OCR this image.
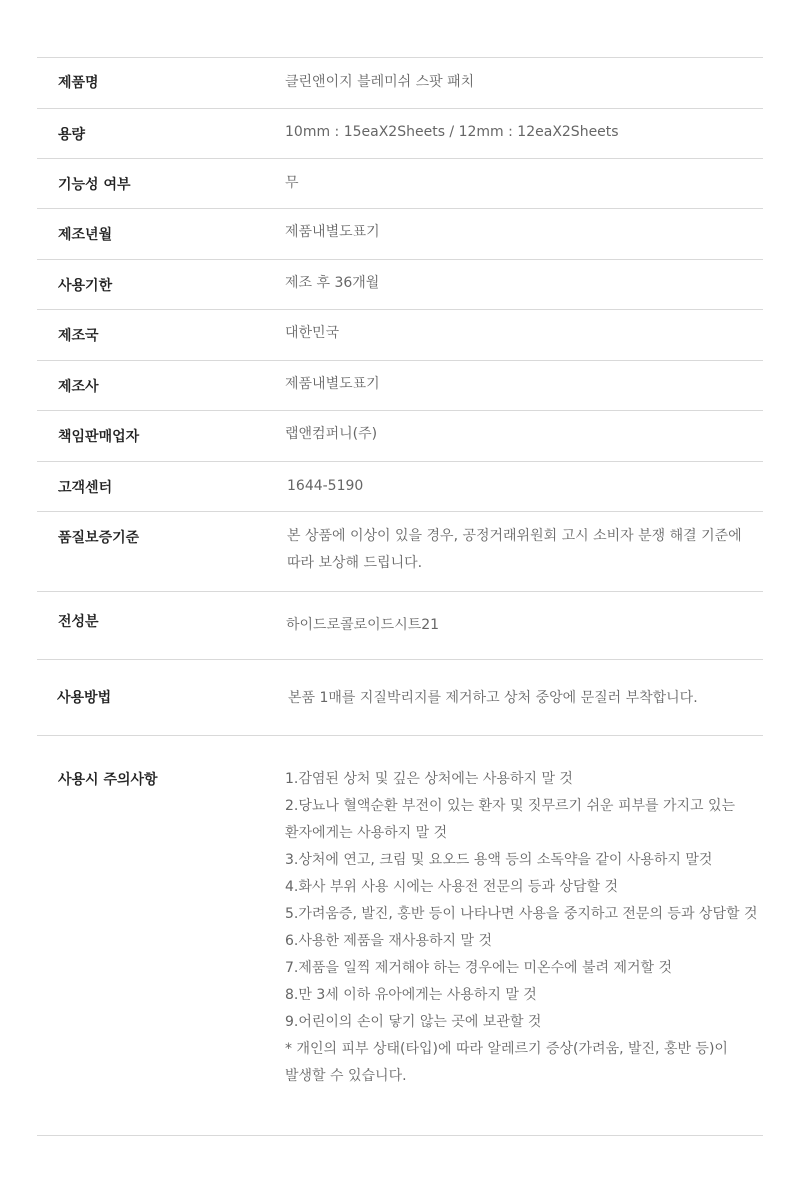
제품명	클린앤이지 블레미쉬 스팟 패치
용량	10mm : 15eaX2Sheets / 12mm : 12eaX2Sheets
기능성 여부	무
제조년월	제품내별도표기
사용기한	제조 후 36개월
제조국	대한민국
제조사	제품내별도표기
책임판매업자	랩앤컴퍼니(주)
고객센터	1644-5190
품질보증기준	본 상품에 이상이 있을 경우, 공정거래위원회 고시 소비자 분쟁 해결 기준에
따라 보상해 드립니다.
전성분	하이드로콜로이드시트21
사용방법	본품 1매를 지질박리지를 제거하고 상처 중앙에 문질러 부착합니다.
사용시 주의사항	1.감염된 상처 및 깊은 상처에는 사용하지 말 것
2.당뇨나 혈액순환 부전이 있는 환자 및 짓무르기 쉬운 피부를 가지고 있는
환자에게는 사용하지 말 것
3.상처에 연고, 크림 및 요오드 용액 등의 소독약을 같이 사용하지 말것
4.화사 부위 사용 시에는 사용전 전문의 등과 상담할 것
5.가려움증, 발진, 홍반 등이 나타나면 사용을 중지하고 전문의 등과 상담할 것
6.사용한 제품을 재사용하지 말 것
7.제품을 일찍 제거해야 하는 경우에는 미온수에 불려 제거할 것
8.만 3세 이하 유아에게는 사용하지 말 것
9.어린이의 손이 닿기 않는 곳에 보관할 것
* 개인의 피부 상태(타입)에 따라 알레르기 증상(가려움, 발진, 홍반 등)이
발생할 수 있습니다.
